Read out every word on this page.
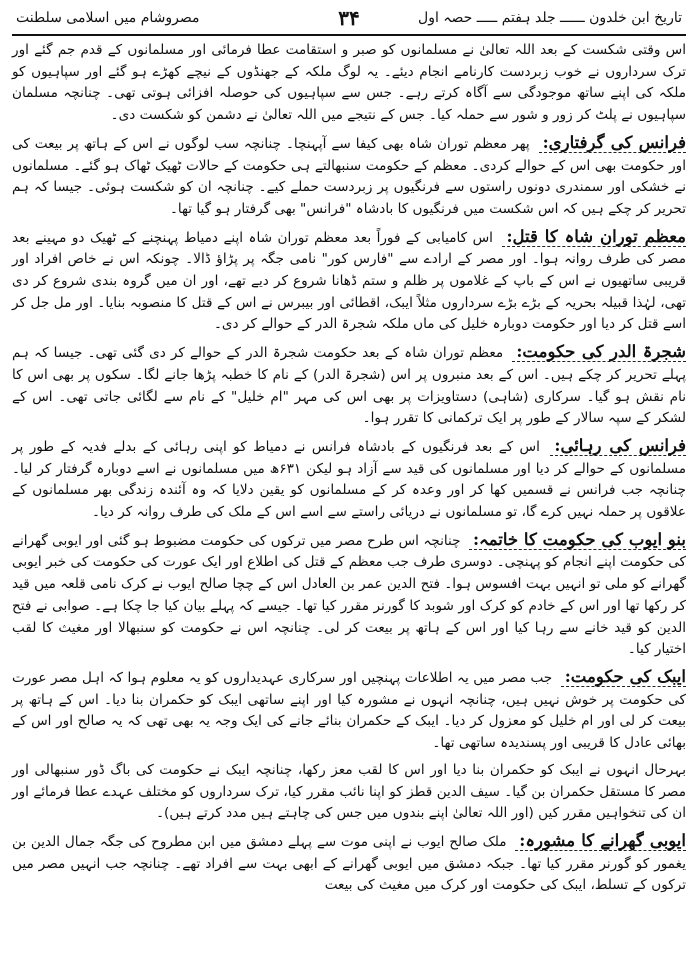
تاریخ ابن خلدون ــــــ جلد ہفتم ـــــ حصہ اول
۳۴
مصروشام میں اسلامی سلطنت

اس وقتی شکست کے بعد اللہ تعالیٰ نے مسلمانوں کو صبر و استقامت عطا فرمائی اور مسلمانوں کے قدم جم گئے اور ترک سرداروں نے خوب زبردست کارنامے انجام دیئے۔ یہ لوگ ملکہ کے جھنڈوں کے نیچے کھڑے ہو گئے اور سپاہیوں کو ملکہ کی اپنے ساتھ موجودگی سے آگاہ کرتے رہے۔ جس سے سپاہیوں کی حوصلہ افزائی ہوتی تھی۔ چنانچہ مسلمان سپاہیوں نے پلٹ کر زور و شور سے حملہ کیا۔ جس کے نتیجے میں اللہ تعالیٰ نے دشمن کو شکست دی۔

فرانس کی گرفتاری: پھر معظم توران شاہ بھی کیفا سے آپہنچا۔ چنانچہ سب لوگوں نے اس کے ہاتھ پر بیعت کی اور حکومت بھی اس کے حوالے کردی۔ معظم کے حکومت سنبھالتے ہی حکومت کے حالات ٹھیک ٹھاک ہو گئے۔ مسلمانوں نے خشکی اور سمندری دونوں راستوں سے فرنگیوں پر زبردست حملے کیے۔ چنانچہ ان کو شکست ہوئی۔ جیسا کہ ہم تحریر کر چکے ہیں کہ اس شکست میں فرنگیوں کا بادشاہ "فرانس" بھی گرفتار ہو گیا تھا۔

معظم توران شاہ کا قتل: اس کامیابی کے فوراً بعد معظم توران شاہ اپنے دمیاط پہنچنے کے ٹھیک دو مہینے بعد مصر کی طرف روانہ ہوا۔ اور مصر کے ارادے سے "فارس کور" نامی جگہ پر پڑاؤ ڈالا۔ چونکہ اس نے خاص افراد اور قریبی ساتھیوں نے اس کے باپ کے غلاموں پر ظلم و ستم ڈھانا شروع کر دیے تھے، اور ان میں گروہ بندی شروع کر دی تھی، لہٰذا قبیلہ بحریہ کے بڑے بڑے سرداروں مثلاً ایبک، اقطائی اور بیبرس نے اس کے قتل کا منصوبہ بنایا۔ اور مل جل کر اسے قتل کر دیا اور حکومت دوبارہ خلیل کی ماں ملکہ شجرۃ الدر کے حوالے کر دی۔

شجرۃ الدر کی حکومت: معظم توران شاہ کے بعد حکومت شجرۃ الدر کے حوالے کر دی گئی تھی۔ جیسا کہ ہم پہلے تحریر کر چکے ہیں۔ اس کے بعد منبروں پر اس (شجرۃ الدر) کے نام کا خطبہ پڑھا جانے لگا۔ سکوں پر بھی اس کا نام نقش ہو گیا۔ سرکاری (شاہی) دستاویزات پر بھی اس کی مہر "ام خلیل" کے نام سے لگائی جاتی تھی۔ اس کے لشکر کے سپہ سالار کے طور پر ایک ترکمانی کا تقرر ہوا۔

فرانس کی رہائی: اس کے بعد فرنگیوں کے بادشاہ فرانس نے دمیاط کو اپنی رہائی کے بدلے فدیہ کے طور پر مسلمانوں کے حوالے کر دیا اور مسلمانوں کی قید سے آزاد ہو لیکن ۶۳۱ھ میں مسلمانوں نے اسے دوبارہ گرفتار کر لیا۔ چنانچہ جب فرانس نے قسمیں کھا کر اور وعدہ کر کے مسلمانوں کو یقین دلایا کہ وہ آئندہ زندگی بھر مسلمانوں کے علاقوں پر حملہ نہیں کرے گا، تو مسلمانوں نے دریائی راستے سے اسے اس کے ملک کی طرف روانہ کر دیا۔

بنو ایوب کی حکومت کا خاتمہ: چنانچہ اس طرح مصر میں ترکوں کی حکومت مضبوط ہو گئی اور ایوبی گھرانے کی حکومت اپنے انجام کو پہنچی۔ دوسری طرف جب معظم کے قتل کی اطلاع اور ایک عورت کی حکومت کی خبر ایوبی گھرانے کو ملی تو انہیں بہت افسوس ہوا۔ فتح الدین عمر بن العادل اس کے چچا صالح ایوب نے کرک نامی قلعہ میں قید کر رکھا تھا اور اس کے خادم کو کرک اور شوبد کا گورنر مقرر کیا تھا۔ جیسے کہ پہلے بیان کیا جا چکا ہے۔ صوابی نے فتح الدین کو قید خانے سے رہا کیا اور اس کے ہاتھ پر بیعت کر لی۔ چنانچہ اس نے حکومت کو سنبھالا اور مغیث کا لقب اختیار کیا۔

ایبک کی حکومت: جب مصر میں یہ اطلاعات پہنچیں اور سرکاری عہدیداروں کو یہ معلوم ہوا کہ اہل مصر عورت کی حکومت پر خوش نہیں ہیں، چنانچہ انہوں نے مشورہ کیا اور اپنے ساتھی ایبک کو حکمران بنا دیا۔ اس کے ہاتھ پر بیعت کر لی اور ام خلیل کو معزول کر دیا۔ ایبک کے حکمران بنائے جانے کی ایک وجہ یہ بھی تھی کہ یہ صالح اور اس کے بھائی عادل کا قریبی اور پسندیدہ ساتھی تھا۔

بہرحال انہوں نے ایبک کو حکمران بنا دیا اور اس کا لقب معز رکھا، چنانچہ ایبک نے حکومت کی باگ ڈور سنبھالی اور مصر کا مستقل حکمران بن گیا۔ سیف الدین قطز کو اپنا نائب مقرر کیا، ترک سرداروں کو مختلف عہدے عطا فرمائے اور ان کی تنخواہیں مقرر کیں (اور اللہ تعالیٰ اپنے بندوں میں جس کی چاہتے ہیں مدد کرتے ہیں)۔

ایوبی گھرانے کا مشورہ: ملک صالح ایوب نے اپنی موت سے پہلے دمشق میں ابن مطروح کی جگہ جمال الدین بن یغمور کو گورنر مقرر کیا تھا۔ جبکہ دمشق میں ایوبی گھرانے کے ابھی بہت سے افراد تھے۔ چنانچہ جب انہیں مصر میں ترکوں کے تسلط، ایبک کی حکومت اور کرک میں مغیث کی بیعت
